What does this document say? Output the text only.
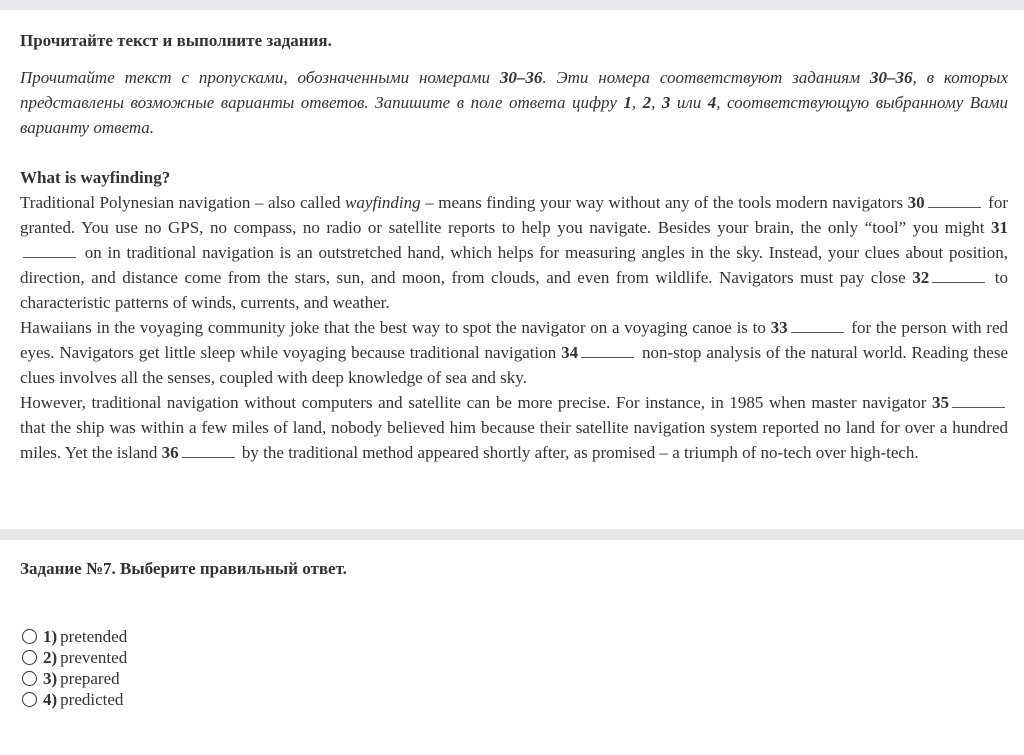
Прочитайте текст и выполните задания.
Прочитайте текст с пропусками, обозначенными номерами 30–36. Эти номера соответствуют заданиям 30–36, в которых представлены возможные варианты ответов. Запишите в поле ответа цифру 1, 2, 3 или 4, соответствующую выбранному Вами варианту ответа.
What is wayfinding?

Traditional Polynesian navigation – also called wayfinding – means finding your way without any of the tools modern navigators 30	for granted. You use no GPS, no compass, no radio or satellite reports to help you navigate. Besides your brain, the only “tool” you might 31 on in traditional navigation is an outstretched hand, which helps for measuring angles in the sky. Instead, your clues about position, direction, and distance come from the stars, sun, and moon, from clouds, and even from wildlife. Navigators must pay close 32	to characteristic patterns of winds, currents, and weather.

Hawaiians in the voyaging community joke that the best way to spot the navigator on a voyaging canoe is to 33	for the person with red eyes. Navigators get little sleep while voyaging because traditional navigation 34	non-stop analysis of the natural world. Reading these clues involves all the senses, coupled with deep knowledge of sea and sky.

However, traditional navigation without computers and satellite can be more precise. For instance, in 1985 when master navigator 35 that the ship was within a few miles of land, nobody believed him because their satellite navigation system reported no land for over a hundred miles. Yet the island 36	by the traditional method appeared shortly after, as promised – a triumph of no-tech over high-tech.

Задание №7. Выберите правильный ответ.
1) pretended
2) prevented
3) prepared
4) predicted
